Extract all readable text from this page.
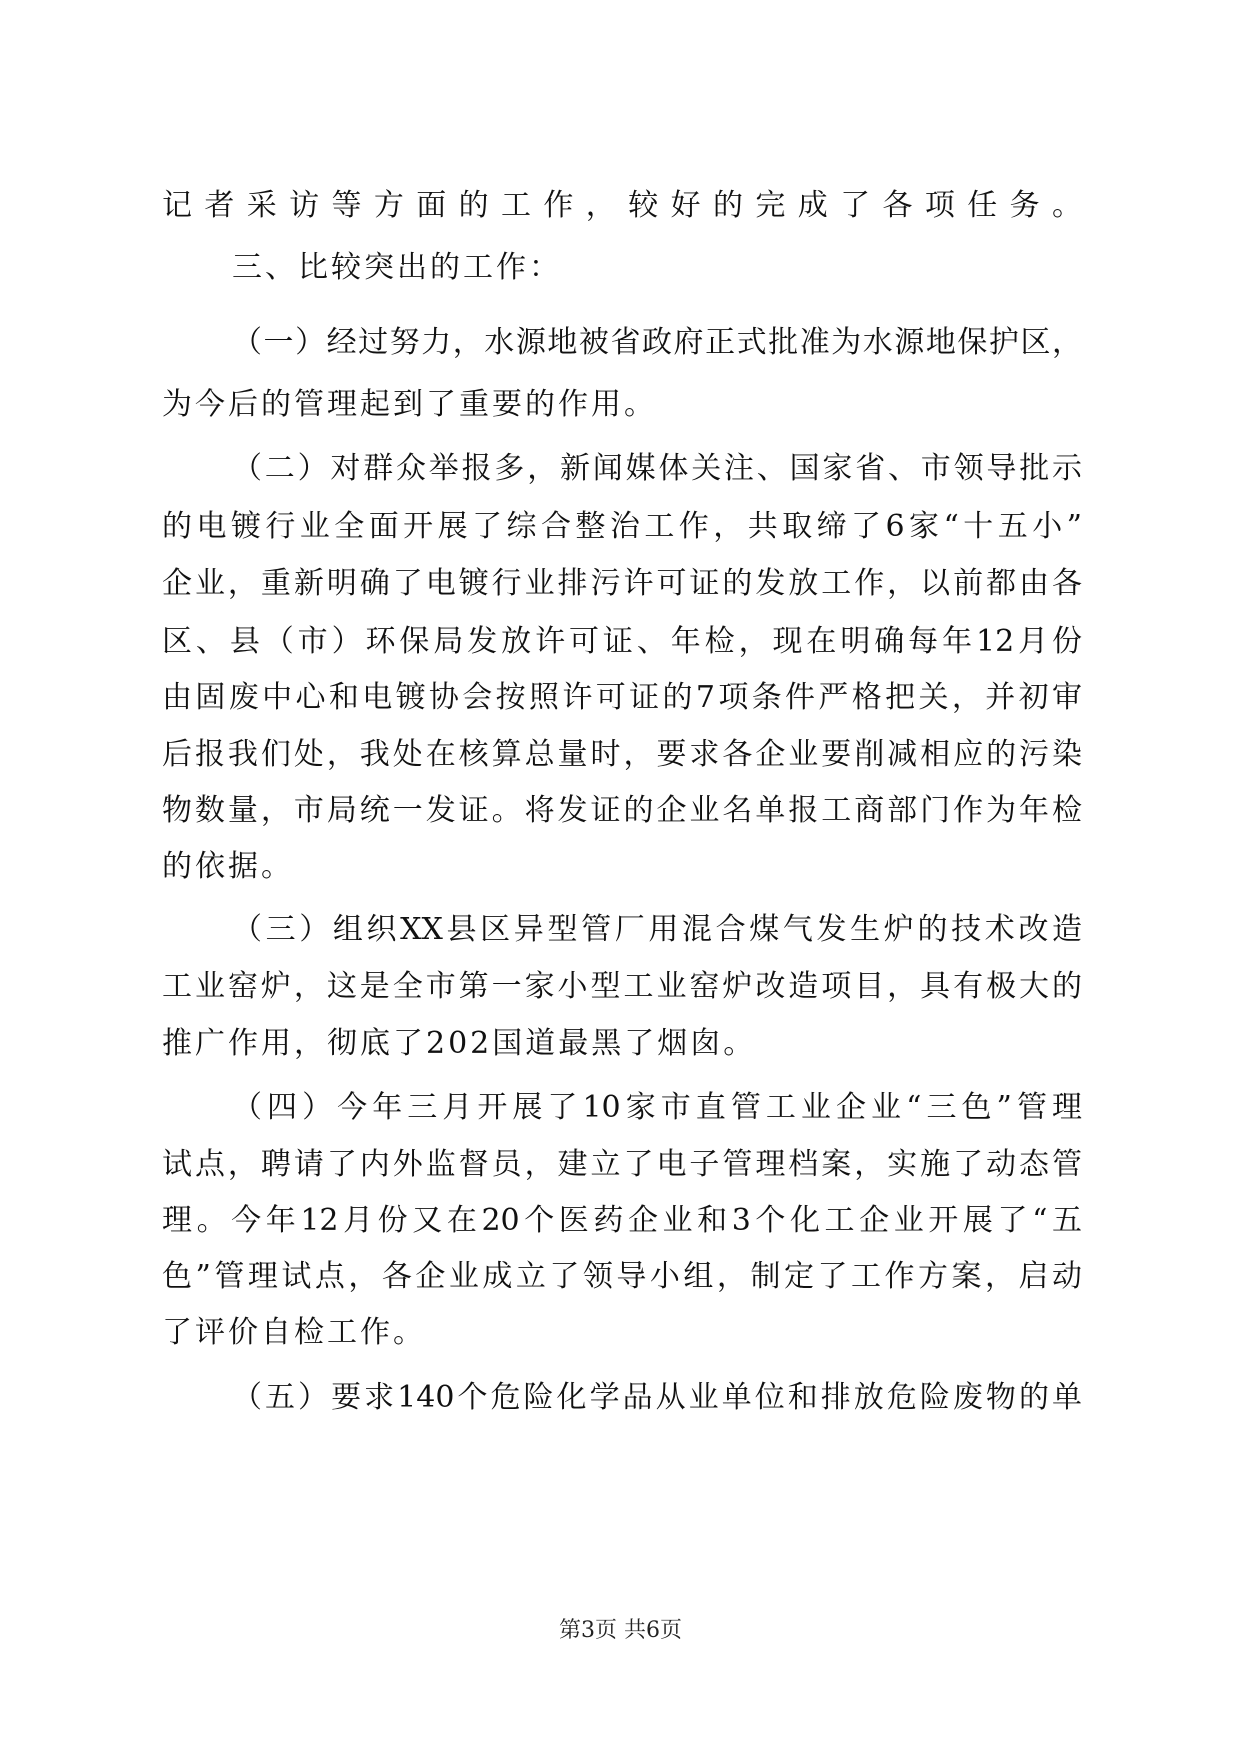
记者采访等方面的工作，较好的完成了各项任务。
三、比较突出的工作：
（一）经过努力，水源地被省政府正式批准为水源地保护区，
为今后的管理起到了重要的作用。
（二）对群众举报多，新闻媒体关注、国家省、市领导批示
的电镀行业全面开展了综合整治工作，共取缔了6家“十五小”
企业，重新明确了电镀行业排污许可证的发放工作，以前都由各
区、县（市）环保局发放许可证、年检，现在明确每年12月份
由固废中心和电镀协会按照许可证的7项条件严格把关，并初审
后报我们处，我处在核算总量时，要求各企业要削减相应的污染
物数量，市局统一发证。将发证的企业名单报工商部门作为年检
的依据。
（三）组织XX县区异型管厂用混合煤气发生炉的技术改造
工业窑炉，这是全市第一家小型工业窑炉改造项目，具有极大的
推广作用，彻底了202国道最黑了烟囱。
（四）今年三月开展了10家市直管工业企业“三色”管理
试点，聘请了内外监督员，建立了电子管理档案，实施了动态管
理。今年12月份又在20个医药企业和3个化工企业开展了“五
色”管理试点，各企业成立了领导小组，制定了工作方案，启动
了评价自检工作。
（五）要求140个危险化学品从业单位和排放危险废物的单
第3页 共6页
